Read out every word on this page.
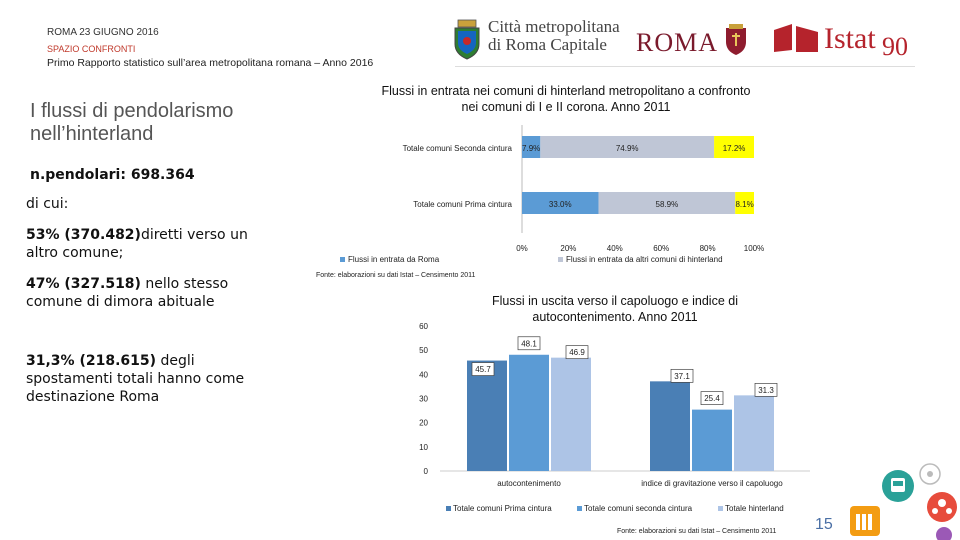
ROMA 23 GIUGNO 2016
SPAZIO CONFRONTI
Primo Rapporto statistico sull’area metropolitana romana – Anno 2016
Città metropolitana
di Roma Capitale	ROMA	Istat 90
I flussi di pendolarismo nell’hinterland
n.pendolari: 698.364
di cui:
53% (370.482)diretti verso un altro comune;
47% (327.518) nello stesso comune di dimora abituale
31,3% (218.615) degli spostamenti totali hanno come destinazione Roma
Flussi in entrata nei comuni di hinterland metropolitano a confronto nei comuni di I e II corona. Anno 2011
Totale comuni Seconda cintura 7.9%	74.9%	17.2%
Totale comuni Prima cintura	33.0%	58.9%	8.1%
0%	20%	40%	60%	80%	100%
Flussi in entrata da Roma	Flussi in entrata da altri comuni di hinterland
Fonte: elaborazioni su dati Istat – Censimento 2011
Flussi in uscita verso il capoluogo e indice di autocontenimento. Anno 2011
0
10
20
30
40
50
60
45.7
48.1
46.9
autocontenimento
37.1
25.4
31.3
indice di gravitazione verso il capoluogo
Totale comuni Prima cintura	Totale comuni seconda cintura	Totale hinterland
Fonte: elaborazioni su dati Istat – Censimento 2011 15
